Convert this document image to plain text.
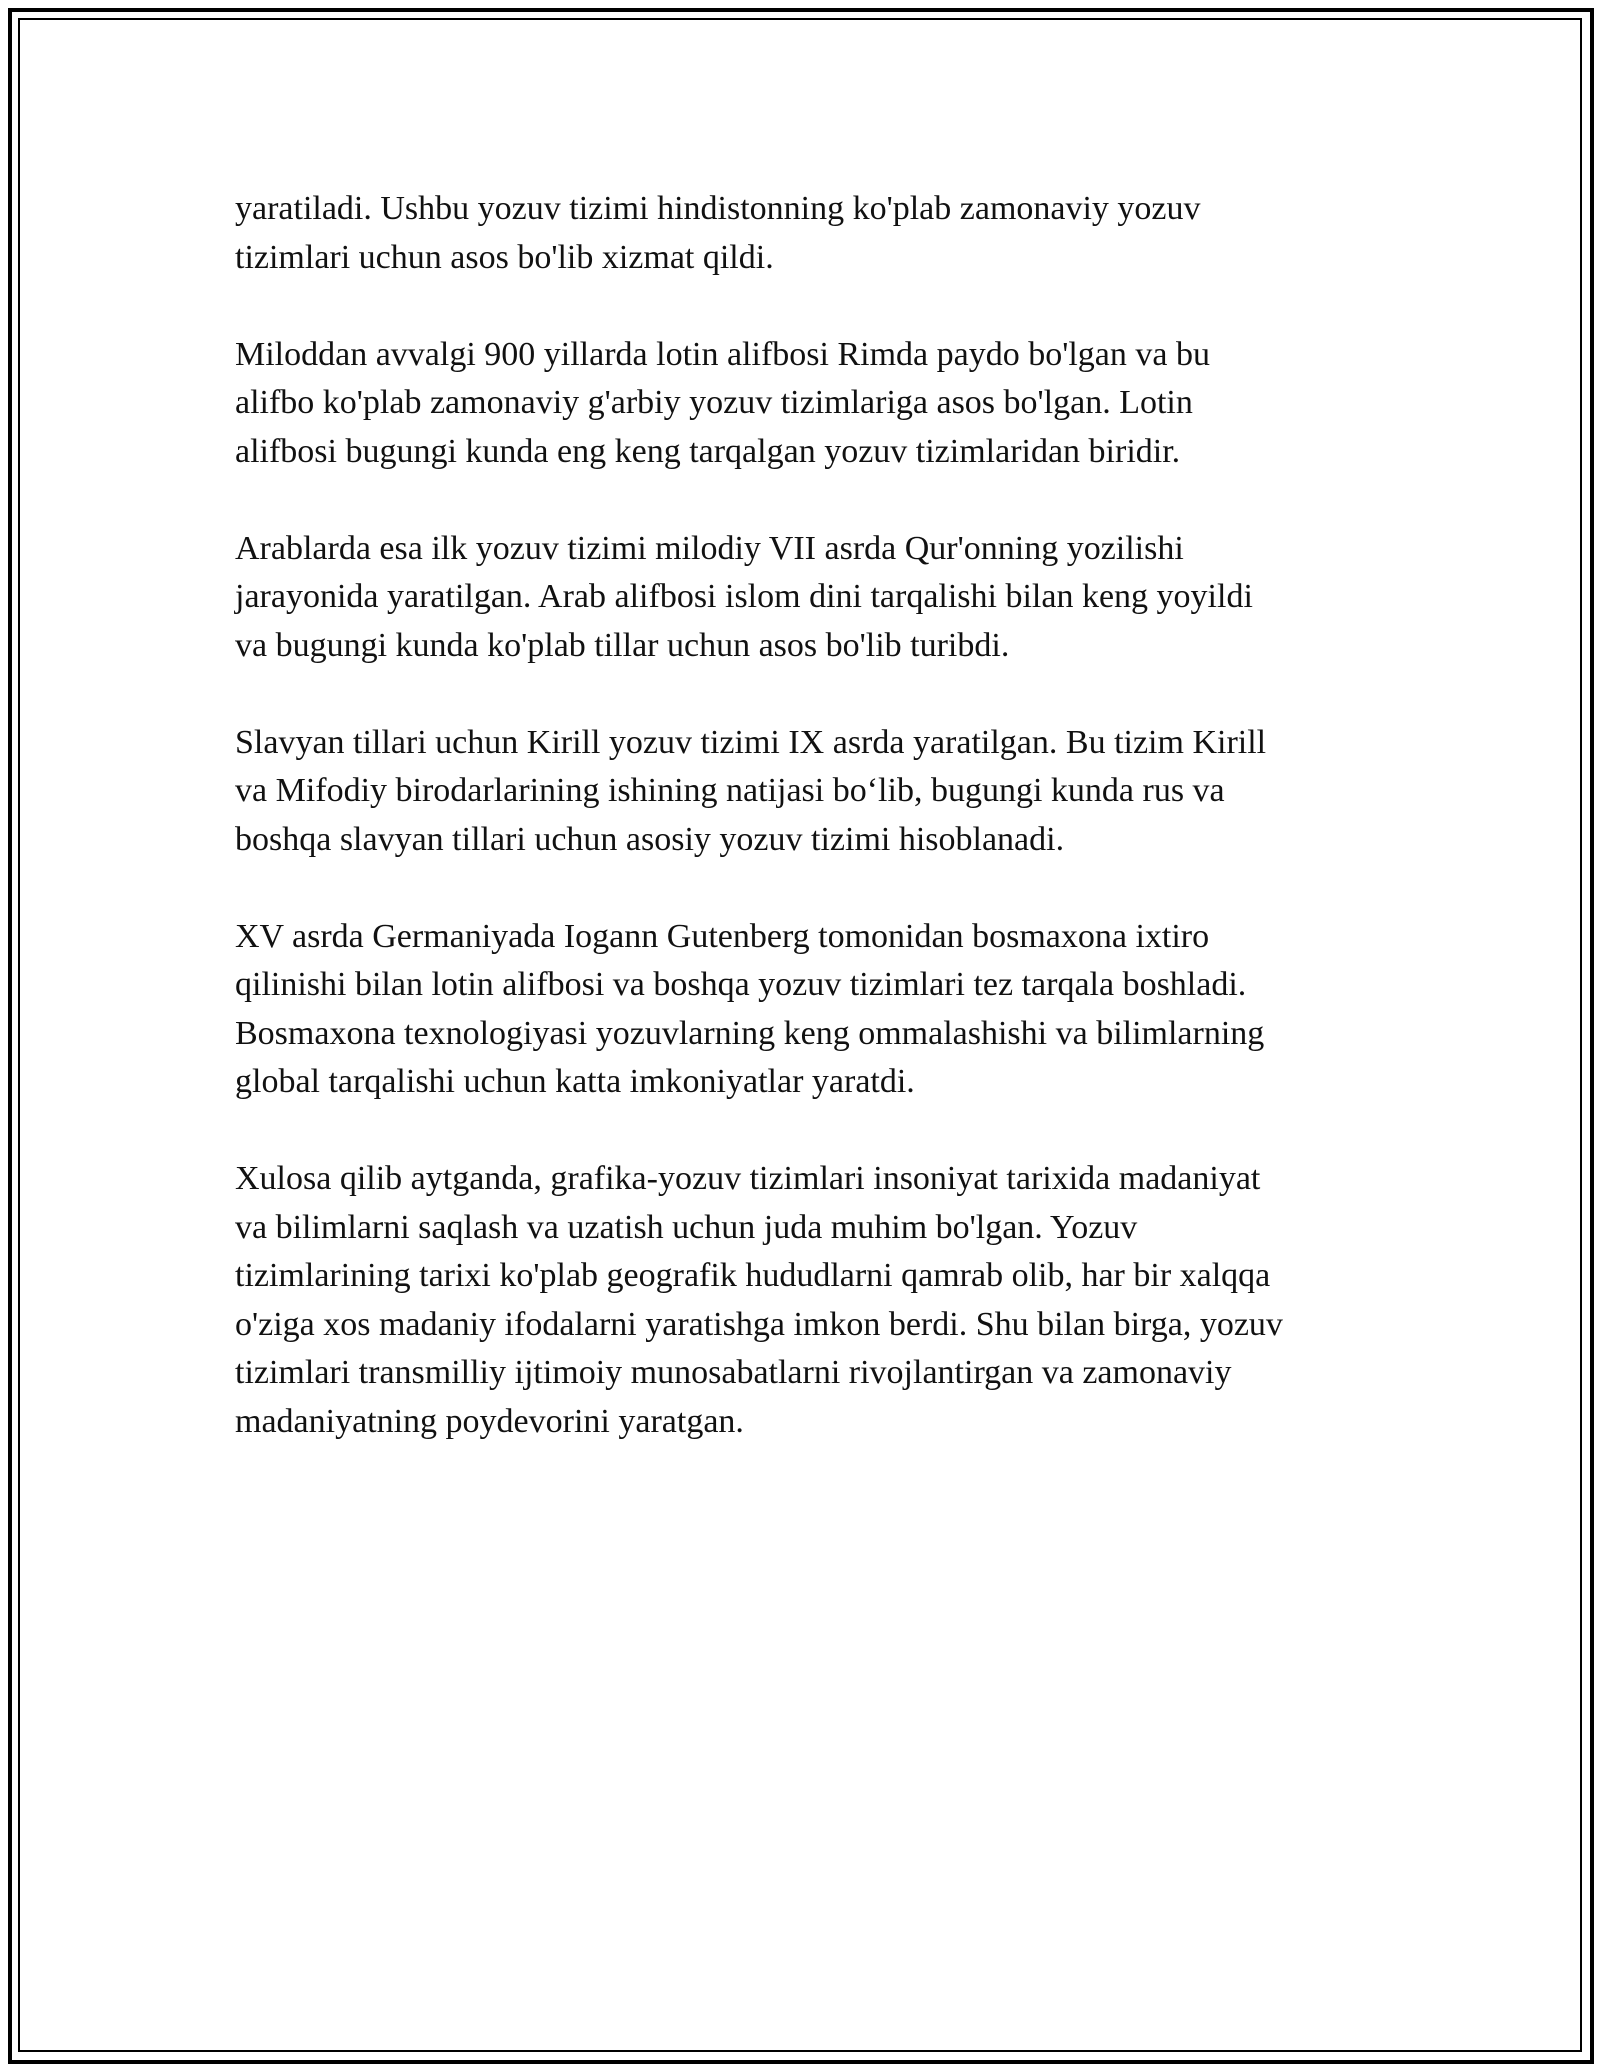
yaratiladi. Ushbu yozuv tizimi hindistonning ko'plab zamonaviy yozuv
tizimlari uchun asos bo'lib xizmat qildi.

Miloddan avvalgi 900 yillarda lotin alifbosi Rimda paydo bo'lgan va bu
alifbo ko'plab zamonaviy g'arbiy yozuv tizimlariga asos bo'lgan. Lotin
alifbosi bugungi kunda eng keng tarqalgan yozuv tizimlaridan biridir.

Arablarda esa ilk yozuv tizimi milodiy VII asrda Qur'onning yozilishi
jarayonida yaratilgan. Arab alifbosi islom dini tarqalishi bilan keng yoyildi
va bugungi kunda ko'plab tillar uchun asos bo'lib turibdi.

Slavyan tillari uchun Kirill yozuv tizimi IX asrda yaratilgan. Bu tizim Kirill
va Mifodiy birodarlarining ishining natijasi bo‘lib, bugungi kunda rus va
boshqa slavyan tillari uchun asosiy yozuv tizimi hisoblanadi.

XV asrda Germaniyada Iogann Gutenberg tomonidan bosmaxona ixtiro
qilinishi bilan lotin alifbosi va boshqa yozuv tizimlari tez tarqala boshladi.
Bosmaxona texnologiyasi yozuvlarning keng ommalashishi va bilimlarning
global tarqalishi uchun katta imkoniyatlar yaratdi.

Xulosa qilib aytganda, grafika-yozuv tizimlari insoniyat tarixida madaniyat
va bilimlarni saqlash va uzatish uchun juda muhim bo'lgan. Yozuv
tizimlarining tarixi ko'plab geografik hududlarni qamrab olib, har bir xalqqa
o'ziga xos madaniy ifodalarni yaratishga imkon berdi. Shu bilan birga, yozuv
tizimlari transmilliy ijtimoiy munosabatlarni rivojlantirgan va zamonaviy
madaniyatning poydevorini yaratgan.
